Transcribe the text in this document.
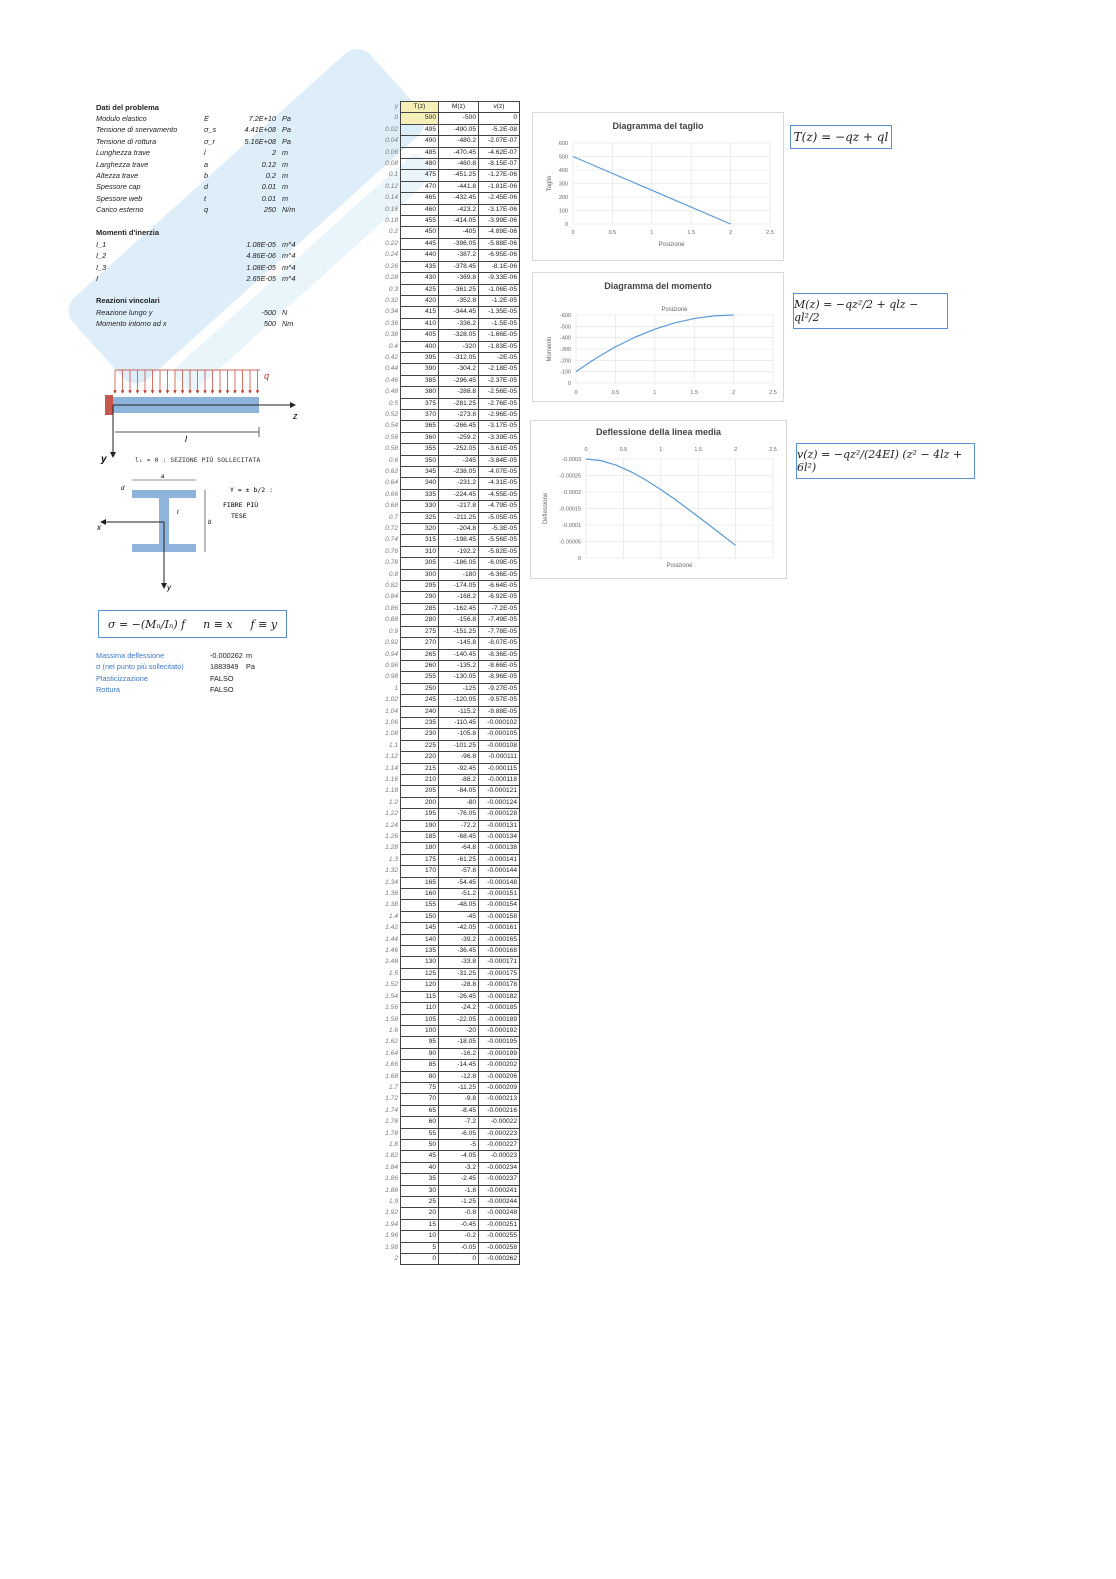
Dati del problema
Modulo elastico	E	7.2E+10 Pa
Tensione di snervamento	σ_s	4.41E+08 Pa
Tensione di rottura	σ_r	5.16E+08 Pa
Lunghezza trave	l	2 m
Larghezza trave	a	0.12 m
Altezza trave	b	0.2 m
Spessore cap	d	0.01 m
Spessore web	t	0.01 m
Carico esterno	q	250 N/m
Momenti d'inerzia
I_1	1.08E-05 m^4
I_2	4.86E-06 m^4
I_3	1.08E-05 m^4
I	2.65E-05 m^4
Reazioni vincolari
Reazione lungo y	-500 N
Momento intorno ad x	500 Nm
q
z
y
l
l₁ = 0 : SEZIONE PIÙ SOLLECITATA
a
b
t
d
x
y
Y = ± b/2 :
FIBRE PIÙ
TESE
σ = −(Mₙ/Iₙ) f n ≡ x f ≡ y
Massima deflessione	-0.000262 m
σ (nel punto più sollecitato)	1883949 Pa
Plasticizzazione	FALSO
Rottura	FALSO
y	T(z)	M(z)	v(z)
0	500	-500	0
0.02	495	-490.05	-5.2E-08
0.04	490	-480.2	-2.07E-07
0.06	485	-470.45	-4.62E-07
0.08	480	-460.8	-8.15E-07
0.1	475	-451.25	-1.27E-06
0.12	470	-441.8	-1.81E-06
0.14	465	-432.45	-2.45E-06
0.16	460	-423.2	-3.17E-06
0.18	455	-414.05	-3.99E-06
0.2	450	-405	-4.89E-06
0.22	445	-396.05	-5.88E-06
0.24	440	-387.2	-6.95E-06
0.26	435	-378.45	-8.1E-06
0.28	430	-369.8	-9.33E-06
0.3	425	-361.25	-1.06E-05
0.32	420	-352.8	-1.2E-05
0.34	415	-344.45	-1.35E-05
0.36	410	-336.2	-1.5E-05
0.38	405	-328.05	-1.66E-05
0.4	400	-320	-1.83E-05
0.42	395	-312.05	-2E-05
0.44	390	-304.2	-2.18E-05
0.46	385	-296.45	-2.37E-05
0.48	380	-288.8	-2.56E-05
0.5	375	-281.25	-2.76E-05
0.52	370	-273.8	-2.96E-05
0.54	365	-266.45	-3.17E-05
0.56	360	-259.2	-3.39E-05
0.58	355	-252.05	-3.61E-05
0.6	350	-245	-3.84E-05
0.62	345	-238.05	-4.07E-05
0.64	340	-231.2	-4.31E-05
0.66	335	-224.45	-4.55E-05
0.68	330	-217.8	-4.79E-05
0.7	325	-211.25	-5.05E-05
0.72	320	-204.8	-5.3E-05
0.74	315	-198.45	-5.56E-05
0.76	310	-192.2	-5.82E-05
0.78	305	-186.05	-6.09E-05
0.8	300	-180	-6.36E-05
0.82	295	-174.05	-6.64E-05
0.84	290	-168.2	-6.92E-05
0.86	285	-162.45	-7.2E-05
0.88	280	-156.8	-7.49E-05
0.9	275	-151.25	-7.78E-05
0.92	270	-145.8	-8.07E-05
0.94	265	-140.45	-8.36E-05
0.96	260	-135.2	-8.66E-05
0.98	255	-130.05	-8.96E-05
1	250	-125	-9.27E-05
1.02	245	-120.05	-9.57E-05
1.04	240	-115.2	-9.88E-05
1.06	235	-110.45	-0.000102
1.08	230	-105.8	-0.000105
1.1	225	-101.25	-0.000108
1.12	220	-96.8	-0.000111
1.14	215	-92.45	-0.000115
1.16	210	-88.2	-0.000118
1.18	205	-84.05	-0.000121
1.2	200	-80	-0.000124
1.22	195	-76.05	-0.000128
1.24	190	-72.2	-0.000131
1.26	185	-68.45	-0.000134
1.28	180	-64.8	-0.000138
1.3	175	-61.25	-0.000141
1.32	170	-57.8	-0.000144
1.34	165	-54.45	-0.000148
1.36	160	-51.2	-0.000151
1.38	155	-48.05	-0.000154
1.4	150	-45	-0.000158
1.42	145	-42.05	-0.000161
1.44	140	-39.2	-0.000165
1.46	135	-36.45	-0.000168
1.48	130	-33.8	-0.000171
1.5	125	-31.25	-0.000175
1.52	120	-28.8	-0.000178
1.54	115	-26.45	-0.000182
1.56	110	-24.2	-0.000185
1.58	105	-22.05	-0.000189
1.6	100	-20	-0.000192
1.62	95	-18.05	-0.000195
1.64	90	-16.2	-0.000199
1.66	85	-14.45	-0.000202
1.68	80	-12.8	-0.000206
1.7	75	-11.25	-0.000209
1.72	70	-9.8	-0.000213
1.74	65	-8.45	-0.000216
1.76	60	-7.2	-0.00022
1.78	55	-6.05	-0.000223
1.8	50	-5	-0.000227
1.82	45	-4.05	-0.00023
1.84	40	-3.2	-0.000234
1.86	35	-2.45	-0.000237
1.88	30	-1.8	-0.000241
1.9	25	-1.25	-0.000244
1.92	20	-0.8	-0.000248
1.94	15	-0.45	-0.000251
1.96	10	-0.2	-0.000255
1.98	5	-0.05	-0.000258
2	0	0	-0.000262
Diagramma del taglio
0
100
200
300
400
500
600
0	0.5	1	1.5	2	2.5
Posizione
Taglio
Diagramma del momento
0
-100
-200
-300
-400
-500
-600
0	0.5	1	1.5	2	2.5
Posizione
Momento
Deflessione della linea media
0
-0.00005
-0.0001
-0.00015
-0.0002
-0.00025
-0.0003
0	0.5	1	1.5	2	2.5
Posizione
Deflessione
T(z) = −qz + ql
M(z) = −qz²/2 + qlz − ql²/2
v(z) = −qz²/(24EI) (z² − 4lz + 6l²)
